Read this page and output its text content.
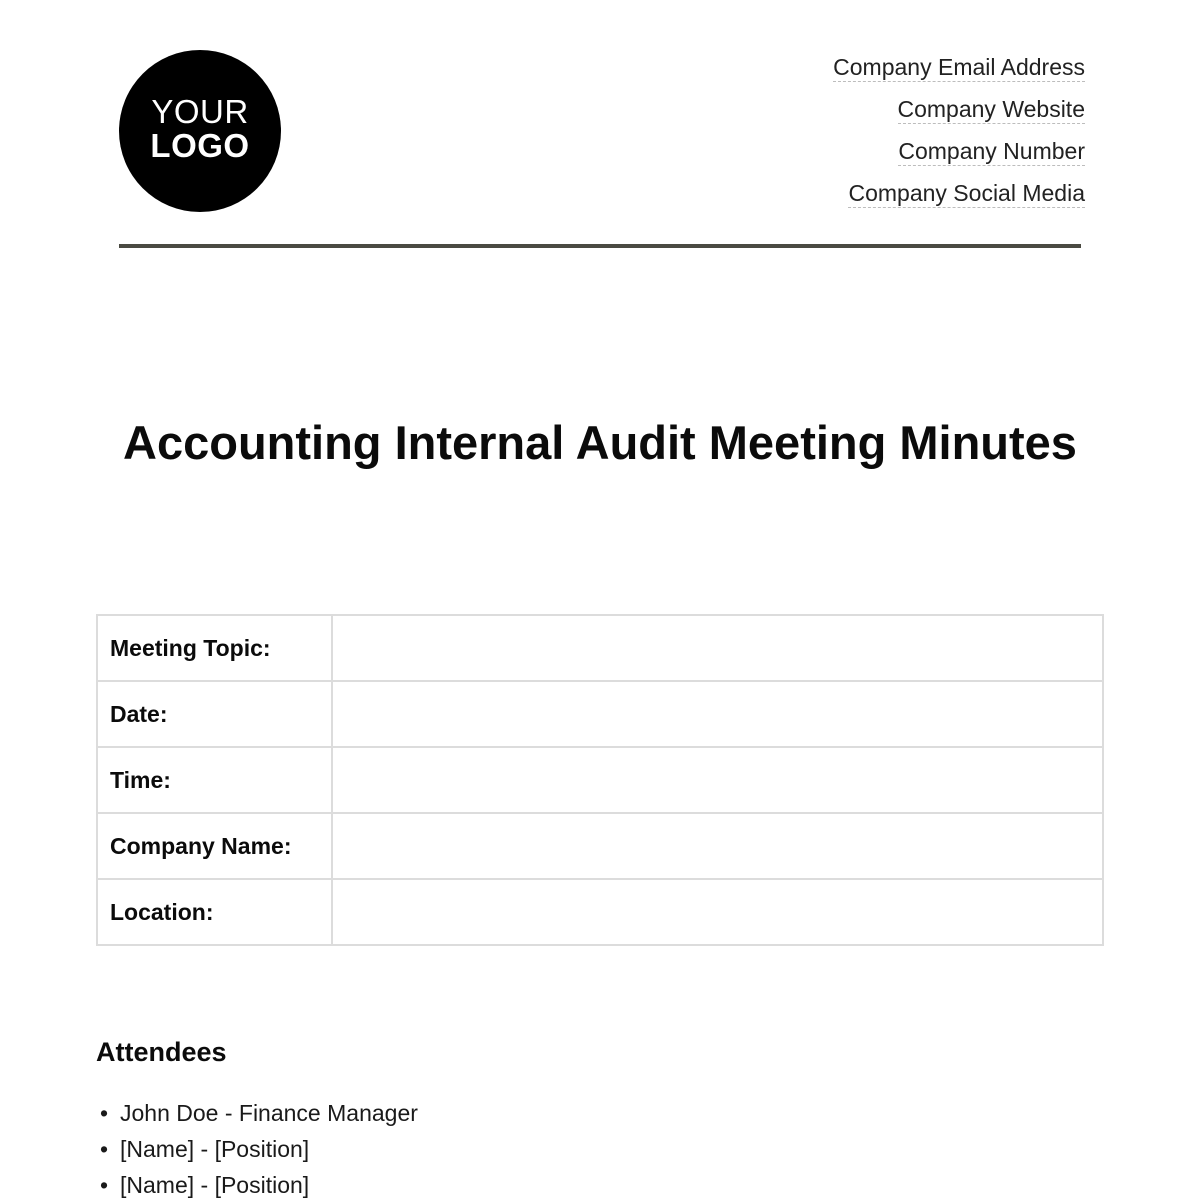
YOUR
LOGO
Company Email Address
Company Website
Company Number
Company Social Media
Accounting Internal Audit Meeting Minutes
Meeting Topic:	
Date:	
Time:	
Company Name:	
Location:	
Attendees
• John Doe - Finance Manager
• [Name] - [Position]
• [Name] - [Position]
